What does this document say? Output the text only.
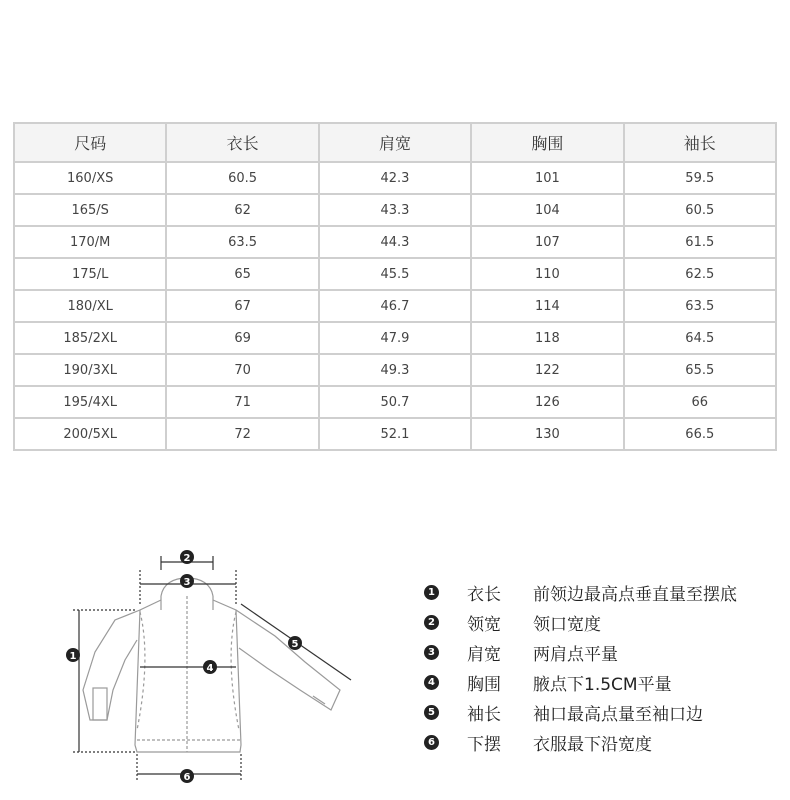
尺码	衣长	肩宽	胸围	袖长
160/XS	60.5	42.3	101	59.5
165/S	62	43.3	104	60.5
170/M	63.5	44.3	107	61.5
175/L	65	45.5	110	62.5
180/XL	67	46.7	114	63.5
185/2XL	69	47.9	118	64.5
190/3XL	70	49.3	122	65.5
195/4XL	71	50.7	126	66
200/5XL	72	52.1	130	66.5
2
3
1
4
5
6
1 衣长	前领边最高点垂直量至摆底
2 领宽	领口宽度
3 肩宽	两肩点平量
4 胸围	腋点下1.5CM平量
5 袖长	袖口最高点量至袖口边
6 下摆	衣服最下沿宽度
